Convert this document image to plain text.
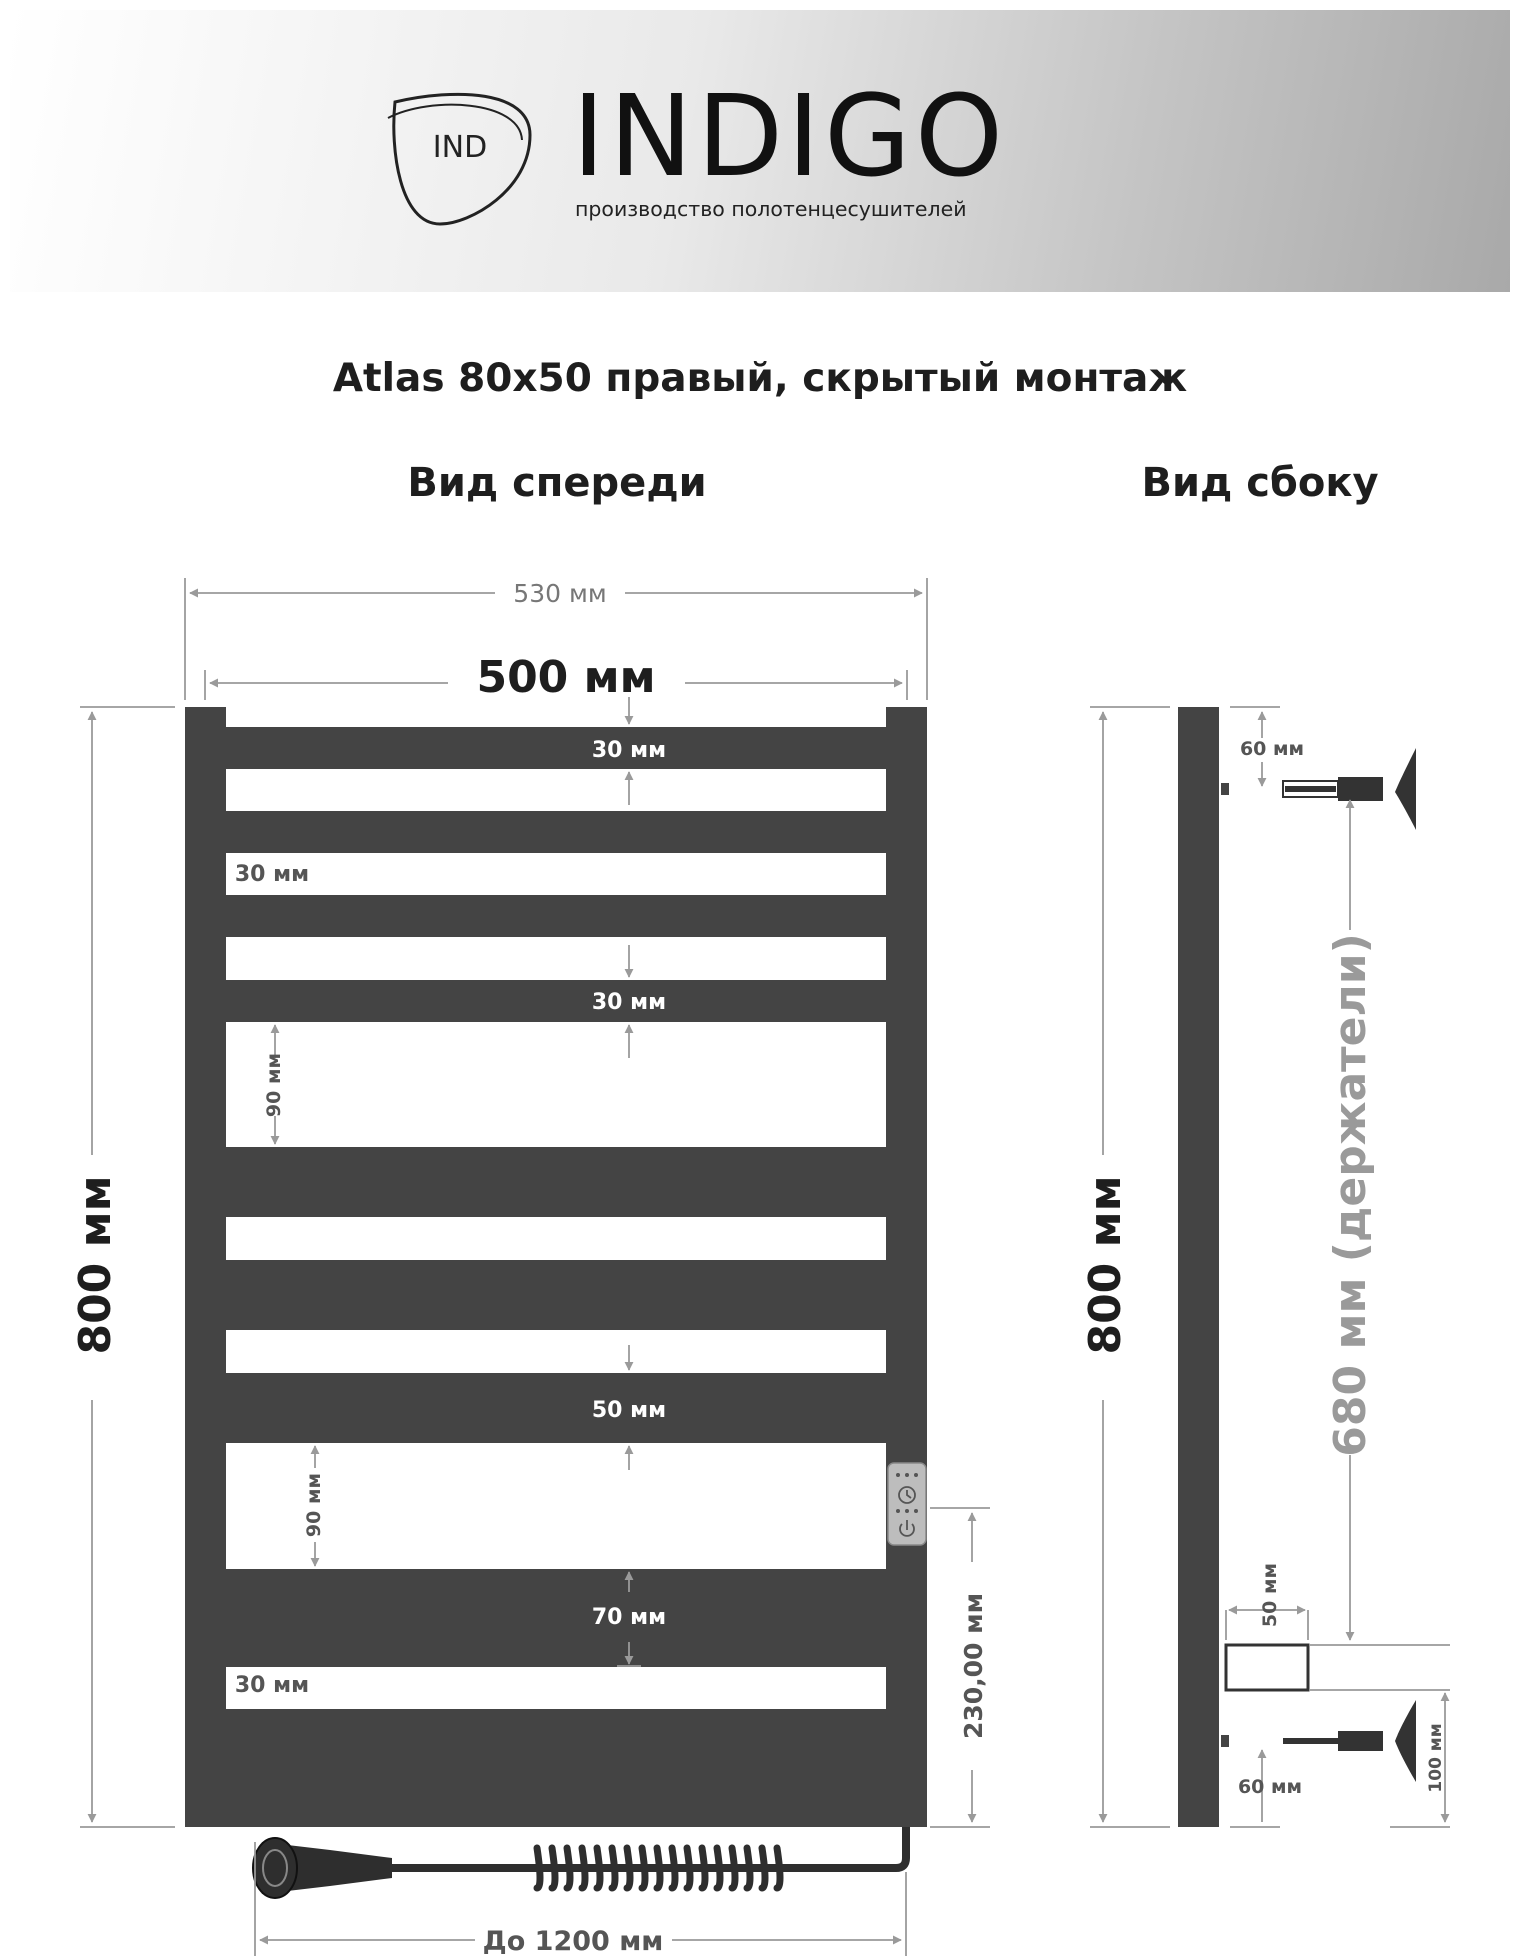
IND INDIGO
производство полотенцесушителей
Atlas 80x50 правый, скрытый монтаж
Вид спереди	Вид сбоку
530 мм
500 мм
800 мм
30 мм
30 мм
30 мм
90 мм
50 мм
90 мм
70 мм
30 мм	230,00 мм
До 1200 мм
800 мм
60 мм
680 мм (держатели)
50 мм
60 мм	100 мм
